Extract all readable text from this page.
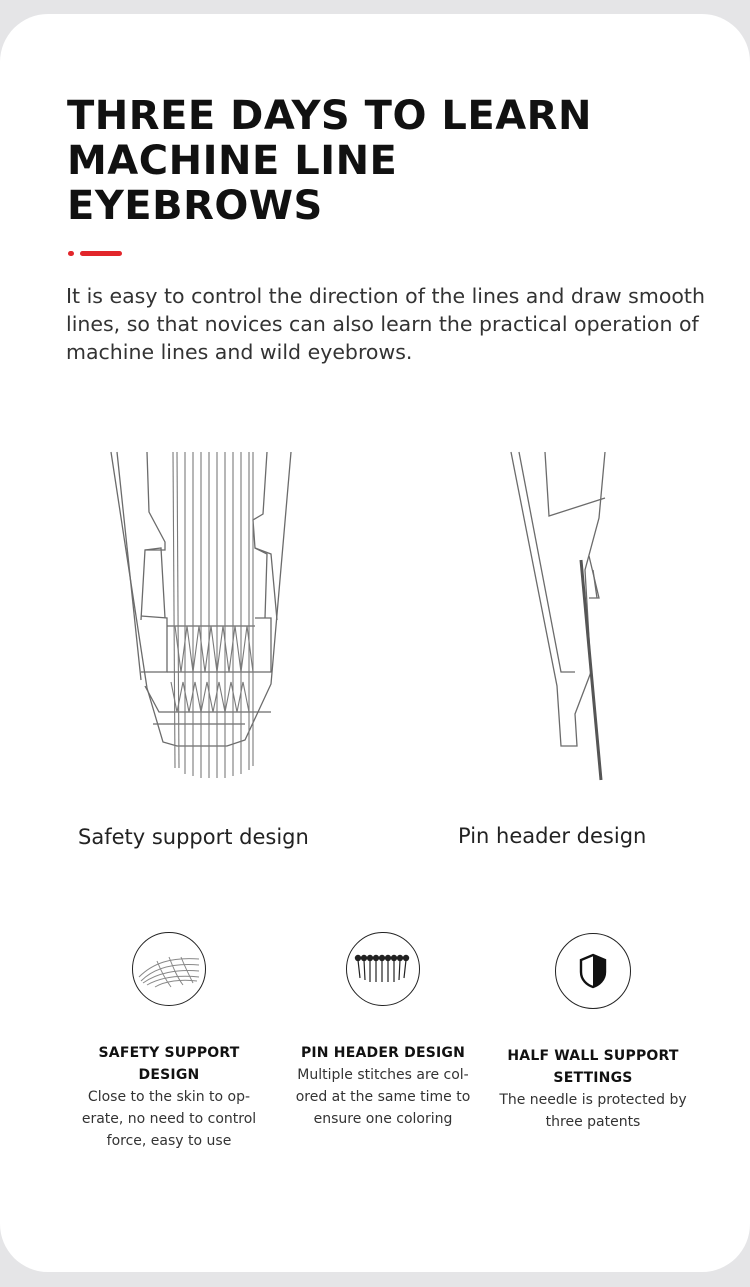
THREE DAYS TO LEARN
MACHINE LINE
EYEBROWS

It is easy to control the direction of the lines and draw smooth lines, so that novices can also learn the practical operation of machine lines and wild eyebrows.

Safety support design	Pin header design
SAFETY SUPPORT DESIGN
Close to the skin to op-erate, no need to control force, easy to use
PIN HEADER DESIGN
Multiple stitches are col-ored at the same time to ensure one coloring
HALF WALL SUPPORT SETTINGS
The needle is protected by three patents
